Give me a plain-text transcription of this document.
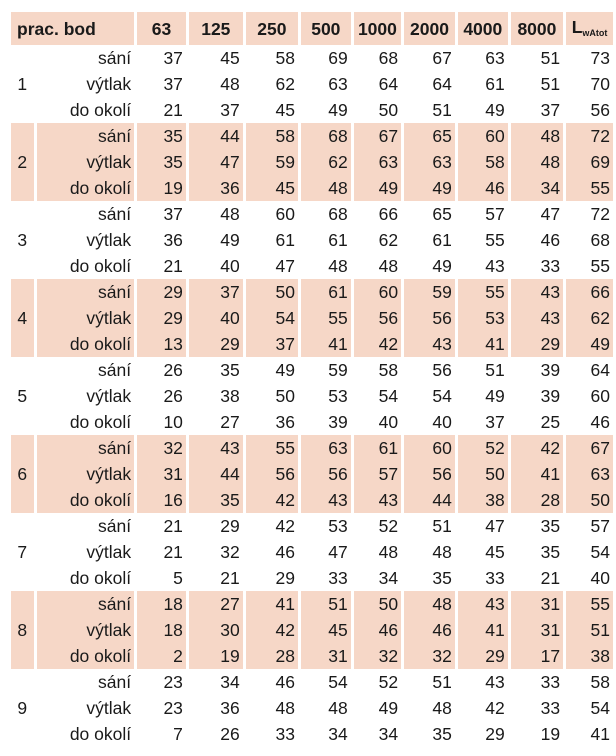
prac. bod		63	125	250	500	1000	2000	4000	8000	LwAtot
	sání	37	45	58	69	68	67	63	51	73
1	výtlak	37	48	62	63	64	64	61	51	70
	do okolí	21	37	45	49	50	51	49	37	56
	sání	35	44	58	68	67	65	60	48	72
2	výtlak	35	47	59	62	63	63	58	48	69
	do okolí	19	36	45	48	49	49	46	34	55
	sání	37	48	60	68	66	65	57	47	72
3	výtlak	36	49	61	61	62	61	55	46	68
	do okolí	21	40	47	48	48	49	43	33	55
	sání	29	37	50	61	60	59	55	43	66
4	výtlak	29	40	54	55	56	56	53	43	62
	do okolí	13	29	37	41	42	43	41	29	49
	sání	26	35	49	59	58	56	51	39	64
5	výtlak	26	38	50	53	54	54	49	39	60
	do okolí	10	27	36	39	40	40	37	25	46
	sání	32	43	55	63	61	60	52	42	67
6	výtlak	31	44	56	56	57	56	50	41	63
	do okolí	16	35	42	43	43	44	38	28	50
	sání	21	29	42	53	52	51	47	35	57
7	výtlak	21	32	46	47	48	48	45	35	54
	do okolí	5	21	29	33	34	35	33	21	40
	sání	18	27	41	51	50	48	43	31	55
8	výtlak	18	30	42	45	46	46	41	31	51
	do okolí	2	19	28	31	32	32	29	17	38
	sání	23	34	46	54	52	51	43	33	58
9	výtlak	23	36	48	48	49	48	42	33	54
	do okolí	7	26	33	34	34	35	29	19	41
